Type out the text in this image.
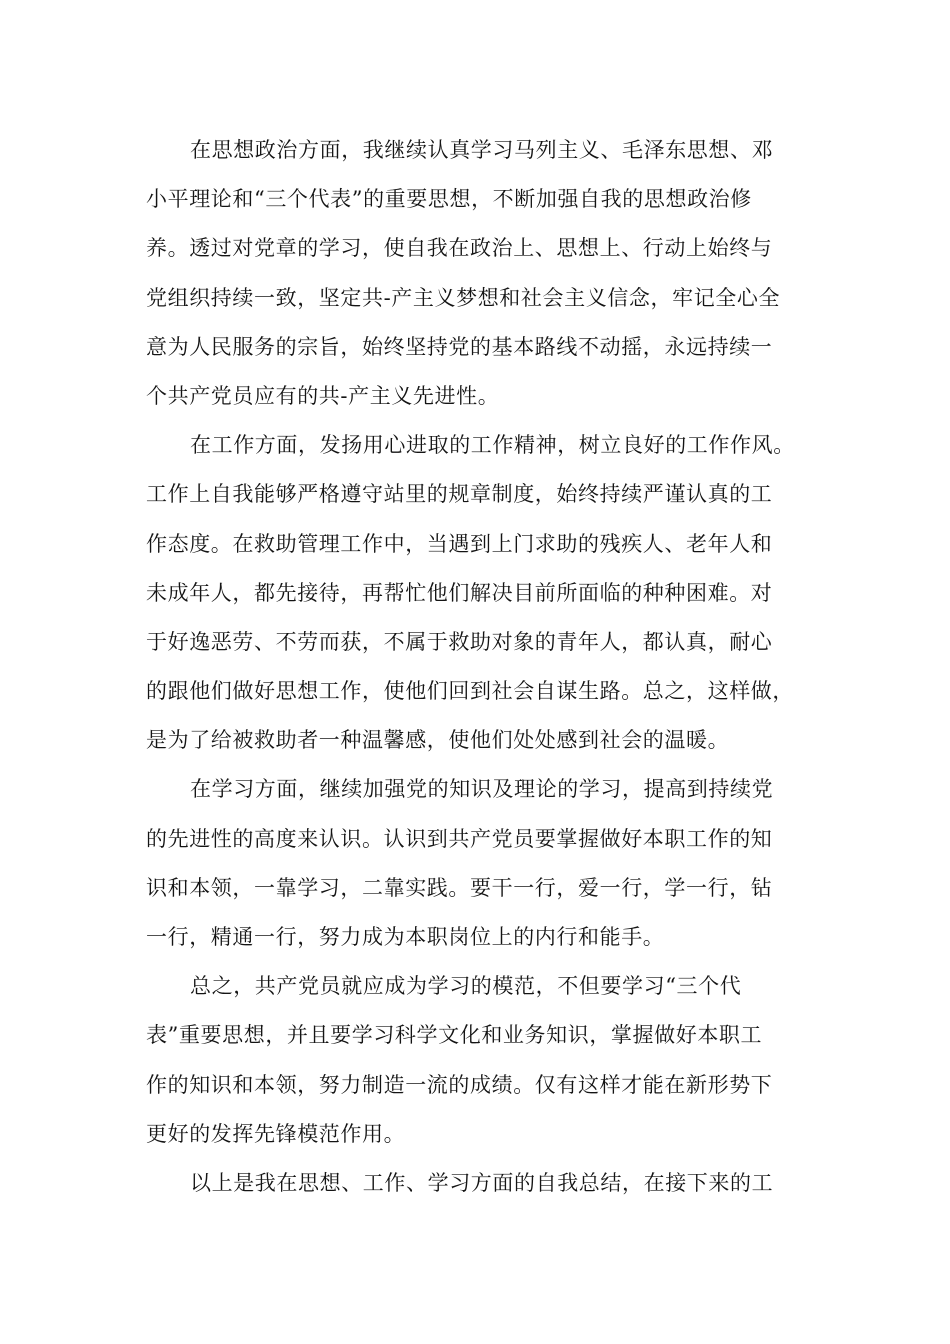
在思想政治方面，我继续认真学习马列主义、毛泽东思想、邓
小平理论和“三个代表”的重要思想，不断加强自我的思想政治修
养。透过对党章的学习，使自我在政治上、思想上、行动上始终与
党组织持续一致，坚定共-产主义梦想和社会主义信念，牢记全心全
意为人民服务的宗旨，始终坚持党的基本路线不动摇，永远持续一
个共产党员应有的共-产主义先进性。
在工作方面，发扬用心进取的工作精神，树立良好的工作作风。
工作上自我能够严格遵守站里的规章制度，始终持续严谨认真的工
作态度。在救助管理工作中，当遇到上门求助的残疾人、老年人和
未成年人，都先接待，再帮忙他们解决目前所面临的种种困难。对
于好逸恶劳、不劳而获，不属于救助对象的青年人，都认真，耐心
的跟他们做好思想工作，使他们回到社会自谋生路。总之，这样做，
是为了给被救助者一种温馨感，使他们处处感到社会的温暖。
在学习方面，继续加强党的知识及理论的学习，提高到持续党
的先进性的高度来认识。认识到共产党员要掌握做好本职工作的知
识和本领，一靠学习，二靠实践。要干一行，爱一行，学一行，钻
一行，精通一行，努力成为本职岗位上的内行和能手。
总之，共产党员就应成为学习的模范，不但要学习“三个代
表”重要思想，并且要学习科学文化和业务知识，掌握做好本职工
作的知识和本领，努力制造一流的成绩。仅有这样才能在新形势下
更好的发挥先锋模范作用。
以上是我在思想、工作、学习方面的自我总结，在接下来的工
